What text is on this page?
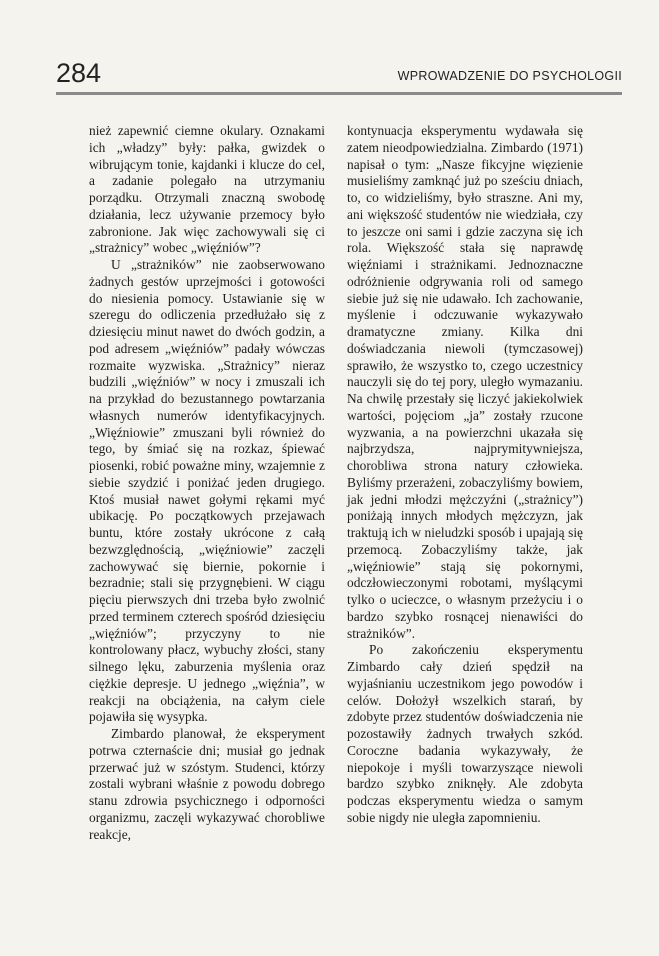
284	WPROWADZENIE DO PSYCHOLOGII

nież zapewnić ciemne okulary. Oznakami ich „władzy” były: pałka, gwizdek o wibrującym tonie, kajdanki i klucze do cel, a zadanie polegało na utrzymaniu porządku. Otrzymali znaczną swobodę działania, lecz używanie przemocy było zabronione. Jak więc zachowywali się ci „strażnicy” wobec „więźniów”?

U „strażników” nie zaobserwowano żadnych gestów uprzejmości i gotowości do niesienia pomocy. Ustawianie się w szeregu do odliczenia przedłużało się z dziesięciu minut nawet do dwóch godzin, a pod adresem „więźniów” padały wówczas rozmaite wyzwiska. „Strażnicy” nieraz budzili „więźniów” w nocy i zmuszali ich na przykład do bezustannego powtarzania własnych numerów identyfikacyjnych. „Więźniowie” zmuszani byli również do tego, by śmiać się na rozkaz, śpiewać piosenki, robić poważne miny, wzajemnie z siebie szydzić i poniżać jeden drugiego. Ktoś musiał nawet gołymi rękami myć ubikację. Po początkowych przejawach buntu, które zostały ukrócone z całą bezwzględnością, „więźniowie” zaczęli zachowywać się biernie, pokornie i bezradnie; stali się przygnębieni. W ciągu pięciu pierwszych dni trzeba było zwolnić przed terminem czterech spośród dziesięciu „więźniów”; przyczyny to nie kontrolowany płacz, wybuchy złości, stany silnego lęku, zaburzenia myślenia oraz ciężkie depresje. U jednego „więźnia”, w reakcji na obciążenia, na całym ciele pojawiła się wysypka.

Zimbardo planował, że eksperyment potrwa czternaście dni; musiał go jednak przerwać już w szóstym. Studenci, którzy zostali wybrani właśnie z powodu dobrego stanu zdrowia psychicznego i odporności organizmu, zaczęli wykazywać chorobliwe reakcje,

kontynuacja eksperymentu wydawała się zatem nieodpowiedzialna. Zimbardo (1971) napisał o tym: „Nasze fikcyjne więzienie musieliśmy zamknąć już po sześciu dniach, to, co widzieliśmy, było straszne. Ani my, ani większość studentów nie wiedziała, czy to jeszcze oni sami i gdzie zaczyna się ich rola. Większość stała się naprawdę więźniami i strażnikami. Jednoznaczne odróżnienie odgrywania roli od samego siebie już się nie udawało. Ich zachowanie, myślenie i odczuwanie wykazywało dramatyczne zmiany. Kilka dni doświadczania niewoli (tymczasowej) sprawiło, że wszystko to, czego uczestnicy nauczyli się do tej pory, uległo wymazaniu. Na chwilę przestały się liczyć jakiekolwiek wartości, pojęciom „ja” zostały rzucone wyzwania, a na powierzchni ukazała się najbrzydsza, najprymitywniejsza, chorobliwa strona natury człowieka. Byliśmy przerażeni, zobaczyliśmy bowiem, jak jedni młodzi mężczyźni („strażnicy”) poniżają innych młodych mężczyzn, jak traktują ich w nieludzki sposób i upajają się przemocą. Zobaczyliśmy także, jak „więźniowie” stają się pokornymi, odczłowieczonymi robotami, myślącymi tylko o ucieczce, o własnym przeżyciu i o bardzo szybko rosnącej nienawiści do strażników”.

Po zakończeniu eksperymentu Zimbardo cały dzień spędził na wyjaśnianiu uczestnikom jego powodów i celów. Dołożył wszelkich starań, by zdobyte przez studentów doświadczenia nie pozostawiły żadnych trwałych szkód. Coroczne badania wykazywały, że niepokoje i myśli towarzyszące niewoli bardzo szybko zniknęły. Ale zdobyta podczas eksperymentu wiedza o samym sobie nigdy nie uległa zapomnieniu.
